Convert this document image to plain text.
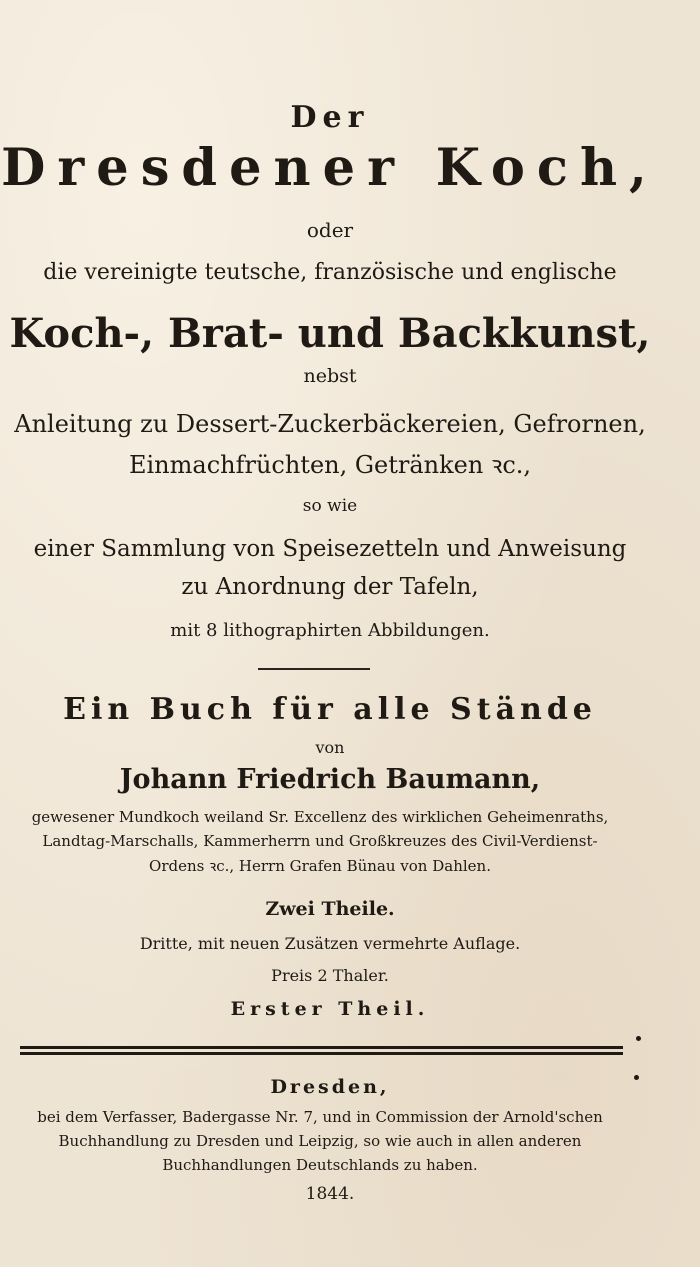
Der
Dresdener Koch,
oder
die vereinigte teutsche, französische und englische
Koch-, Brat- und Backkunst,
nebst
Anleitung zu Dessert-Zuckerbäckereien, Gefrornen,
Einmachfrüchten, Getränken ꝛc.,
so wie
einer Sammlung von Speisezetteln und Anweisung
zu Anordnung der Tafeln,
mit 8 lithographirten Abbildungen.
Ein Buch für alle Stände
von
Johann Friedrich Baumann,
gewesener Mundkoch weiland Sr. Excellenz des wirklichen Geheimenraths,
Landtag-Marschalls, Kammerherrn und Großkreuzes des Civil-Verdienst-
Ordens ꝛc., Herrn Grafen Bünau von Dahlen.
Zwei Theile.
Dritte, mit neuen Zusätzen vermehrte Auflage.
Preis 2 Thaler.
Erster Theil.
Dresden,
bei dem Verfasser, Badergasse Nr. 7, und in Commission der Arnold'schen
Buchhandlung zu Dresden und Leipzig, so wie auch in allen anderen
Buchhandlungen Deutschlands zu haben.
1844.
